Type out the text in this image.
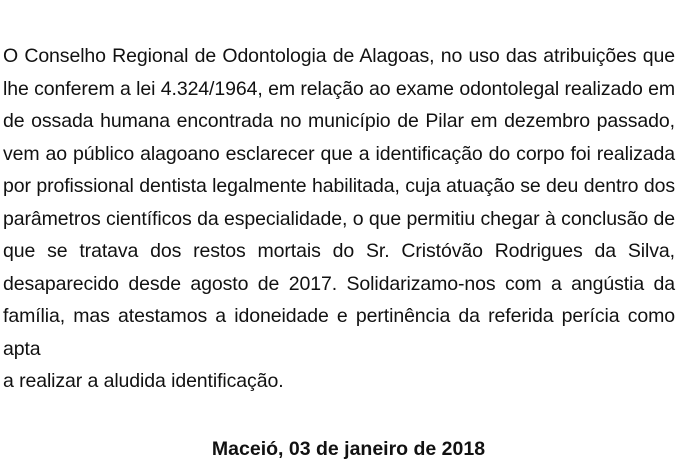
O Conselho Regional de Odontologia de Alagoas, no uso das atribuições que
lhe conferem a lei 4.324/1964, em relação ao exame odontolegal realizado em
de ossada humana encontrada no município de Pilar em dezembro passado,
vem ao público alagoano esclarecer que a identificação do corpo foi realizada
por profissional dentista legalmente habilitada, cuja atuação se deu dentro dos
parâmetros científicos da especialidade, o que permitiu chegar à conclusão de
que se tratava dos restos mortais do Sr. Cristóvão Rodrigues da Silva,
desaparecido desde agosto de 2017. Solidarizamo-nos com a angústia da
família, mas atestamos a idoneidade e pertinência da referida perícia como apta
a realizar a aludida identificação.
Maceió, 03 de janeiro de 2018
